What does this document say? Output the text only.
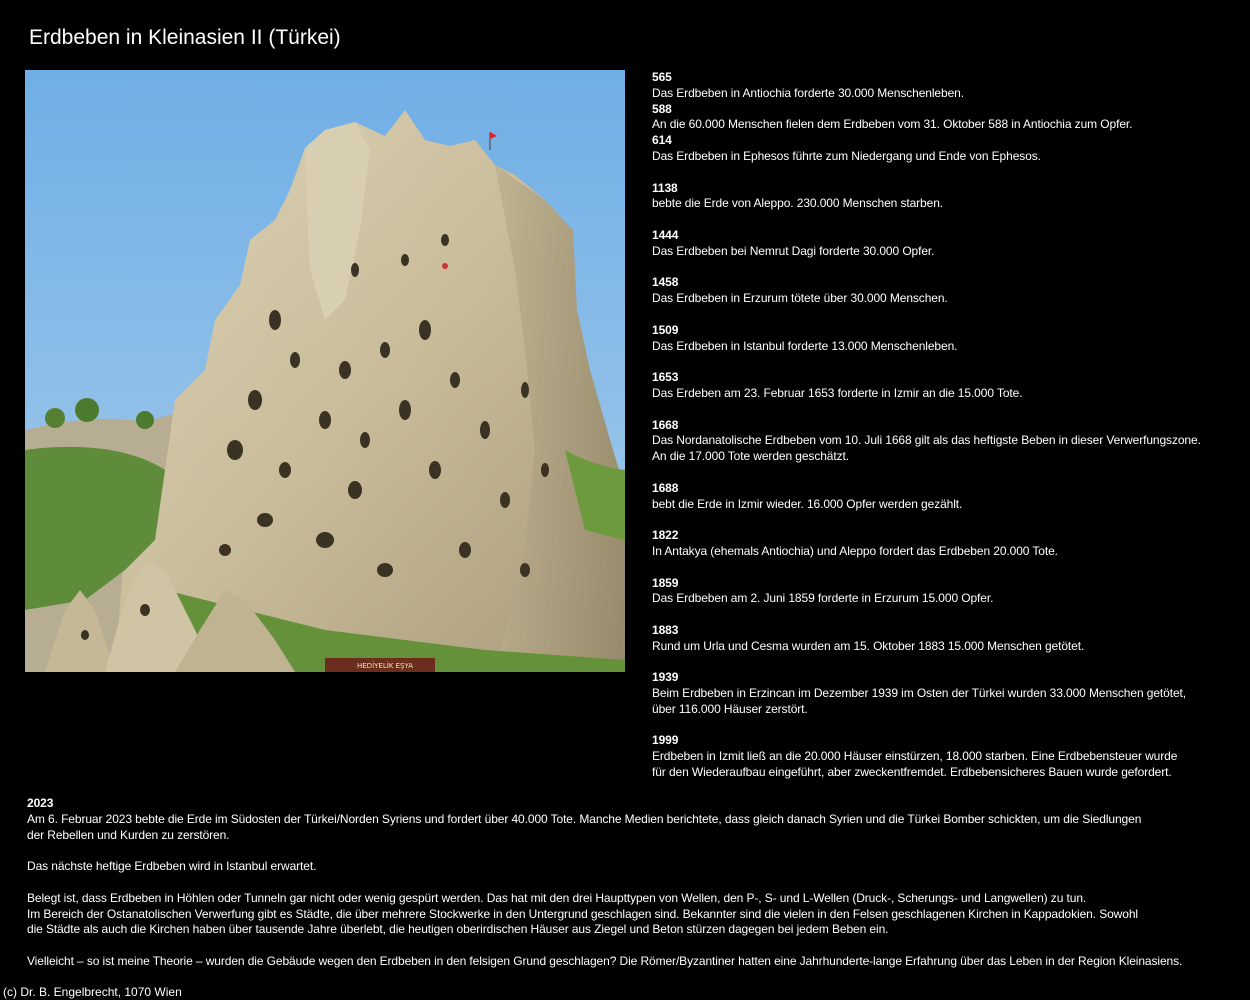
Erdbeben in Kleinasien II (Türkei)
HEDİYELİK EŞYA
565
Das Erdbeben in Antiochia forderte 30.000 Menschenleben.
588
An die 60.000 Menschen fielen dem Erdbeben vom 31. Oktober 588 in Antiochia zum Opfer.
614
Das Erdbeben in Ephesos führte zum Niedergang und Ende von Ephesos.
1138
bebte die Erde von Aleppo. 230.000 Menschen starben.
1444
Das Erdbeben bei Nemrut Dagi forderte 30.000 Opfer.
1458
Das Erdbeben in Erzurum tötete über 30.000 Menschen.
1509
Das Erdbeben in Istanbul forderte 13.000 Menschenleben.
1653
Das Erdeben am 23. Februar 1653 forderte in Izmir an die 15.000 Tote.
1668
Das Nordanatolische Erdbeben vom 10. Juli 1668 gilt als das heftigste Beben in dieser Verwerfungszone.
An die 17.000 Tote werden geschätzt.
1688
bebt die Erde in Izmir wieder. 16.000 Opfer werden gezählt.
1822
In Antakya (ehemals Antiochia) und Aleppo fordert das Erdbeben 20.000 Tote.
1859
Das Erdbeben am 2. Juni 1859 forderte in Erzurum 15.000 Opfer.
1883
Rund um Urla und Cesma wurden am 15. Oktober 1883 15.000 Menschen getötet.
1939
Beim Erdbeben in Erzincan im Dezember 1939 im Osten der Türkei wurden 33.000 Menschen getötet,
über 116.000 Häuser zerstört.
1999
Erdbeben in Izmit ließ an die 20.000 Häuser einstürzen, 18.000 starben. Eine Erdbebensteuer wurde
für den Wiederaufbau eingeführt, aber zweckentfremdet. Erdbebensicheres Bauen wurde gefordert.

2023
Am 6. Februar 2023 bebte die Erde im Südosten der Türkei/Norden Syriens und fordert über 40.000 Tote. Manche Medien berichtete, dass gleich danach Syrien und die Türkei Bomber schickten, um die Siedlungen
der Rebellen und Kurden zu zerstören.

Das nächste heftige Erdbeben wird in Istanbul erwartet.

Belegt ist, dass Erdbeben in Höhlen oder Tunneln gar nicht oder wenig gespürt werden. Das hat mit den drei Haupttypen von Wellen, den P-, S- und L-Wellen (Druck-, Scherungs- und Langwellen) zu tun.
Im Bereich der Ostanatolischen Verwerfung gibt es Städte, die über mehrere Stockwerke in den Untergrund geschlagen sind. Bekannter sind die vielen in den Felsen geschlagenen Kirchen in Kappadokien. Sowohl
die Städte als auch die Kirchen haben über tausende Jahre überlebt, die heutigen oberirdischen Häuser aus Ziegel und Beton stürzen dagegen bei jedem Beben ein.

Vielleicht – so ist meine Theorie – wurden die Gebäude wegen den Erdbeben in den felsigen Grund geschlagen? Die Römer/Byzantiner hatten eine Jahrhunderte-lange Erfahrung über das Leben in der Region Kleinasiens.

(c) Dr. B. Engelbrecht, 1070 Wien
